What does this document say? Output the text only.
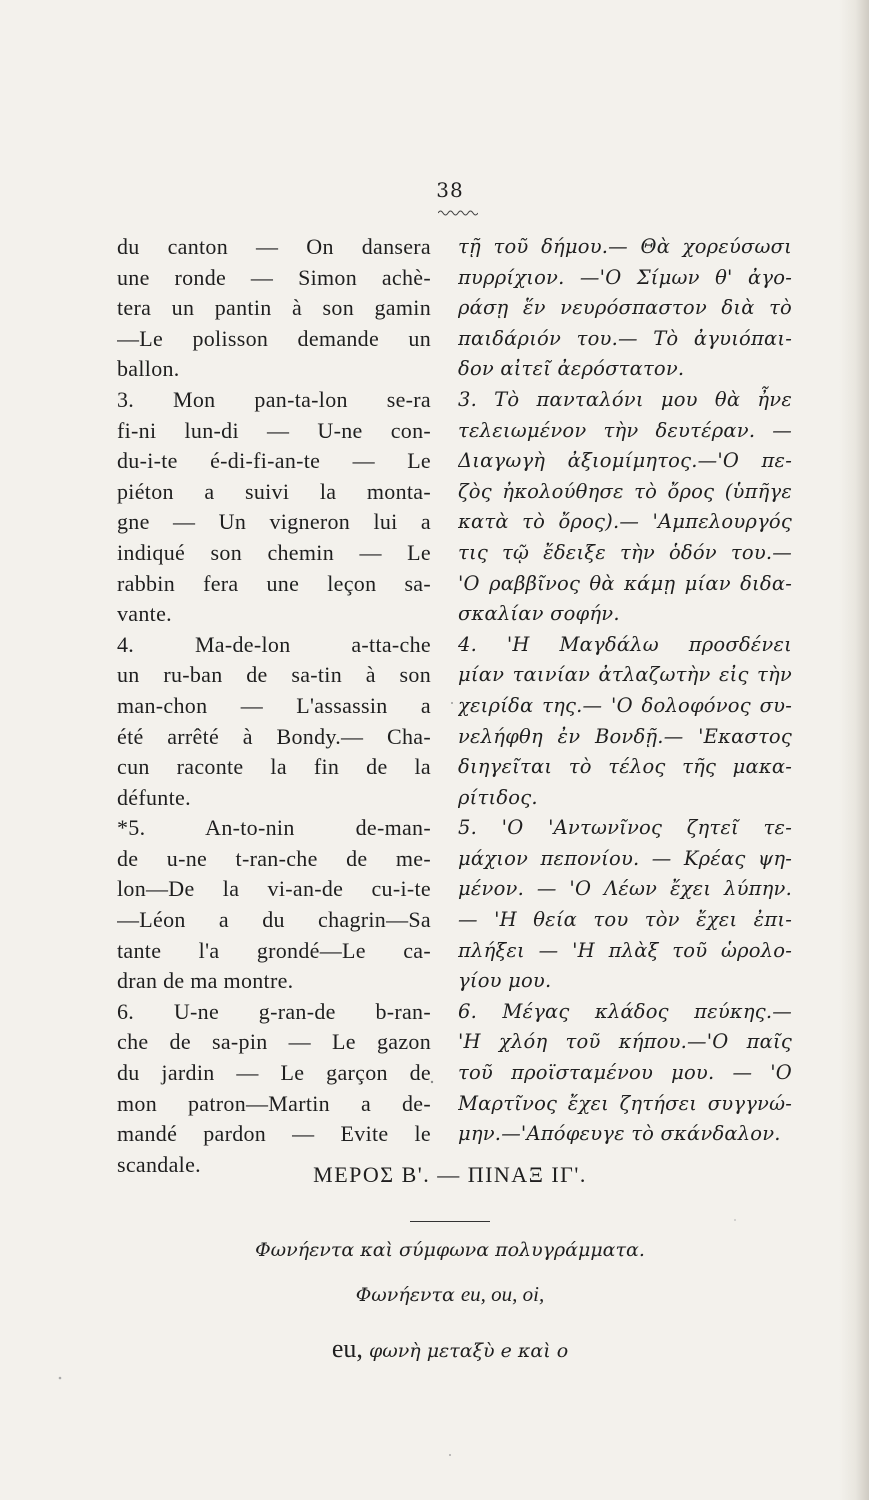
38
du canton — On dansera
une ronde — Simon achè-
tera un pantin à son gamin
—Le polisson demande un
ballon.
3. Mon pan-ta-lon se-ra
fi-ni lun-di — U-ne con-
du-i-te é-di-fi-an-te — Le
piéton a suivi la monta-
gne — Un vigneron lui a
indiqué son chemin — Le
rabbin fera une leçon sa-
vante.
4. Ma-de-lon a-tta-che
un ru-ban de sa-tin à son
man-chon — L'assassin a
été arrêté à Bondy.— Cha-
cun raconte la fin de la
défunte.
*5. An-to-nin de-man-
de u-ne t-ran-che de me-
lon—De la vi-an-de cu-i-te
—Léon a du chagrin—Sa
tante l'a grondé—Le ca-
dran de ma montre.
6. U-ne g-ran-de b-ran-
che de sa-pin — Le gazon
du jardin — Le garçon de
mon patron—Martin a de-
mandé pardon — Evite le
scandale.
τῇ τοῦ δήμου.— Θὰ χορεύσωσι
πυρρίχιον. —'Ο Σίμων θ' ἀγο-
ράσῃ ἕν νευρόσπαστον διὰ τὸ
παιδάριόν του.— Τὸ ἀγυιόπαι-
δον αἰτεῖ ἀερόστατον.
3. Τὸ πανταλόνι μου θὰ ἦνε
τελειωμένον τὴν δευτέραν. —
Διαγωγὴ ἀξιομίμητος.—'Ο πε-
ζὸς ἠκολούθησε τὸ ὄρος (ὑπῆγε
κατὰ τὸ ὄρος).— 'Αμπελουργός
τις τῷ ἔδειξε τὴν ὁδόν του.—
'Ο ραββῖνος θὰ κάμῃ μίαν διδα-
σκαλίαν σοφήν.
4. 'Η Μαγδάλω προσδένει
μίαν ταινίαν ἀτλαζωτὴν εἰς τὴν
χειρίδα της.— 'Ο δολοφόνος συ-
νελήφθη ἐν Βονδῇ.— 'Εκαστος
διηγεῖται τὸ τέλος τῆς μακα-
ρίτιδος.
5. 'Ο 'Αντωνῖνος ζητεῖ τε-
μάχιον πεπονίου. — Κρέας ψη-
μένον. — 'Ο Λέων ἔχει λύπην.
— 'Η θεία του τὸν ἔχει ἐπι-
πλήξει — 'Η πλὰξ τοῦ ὡρολο-
γίου μου.
6. Μέγας κλάδος πεύκης.—
'Η χλόη τοῦ κήπου.—'Ο παῖς
τοῦ προϊσταμένου μου. — 'Ο
Μαρτῖνος ἔχει ζητήσει συγγνώ-
μην.—'Απόφευγε τὸ σκάνδαλον.
ΜΕΡΟΣ Β'. — ΠΙΝΑΞ ΙΓ'.
Φωνήεντα καὶ σύμφωνα πολυγράμματα.
Φωνήεντα eu, ou, oi,
eu, φωνὴ μεταξὺ e καὶ o
